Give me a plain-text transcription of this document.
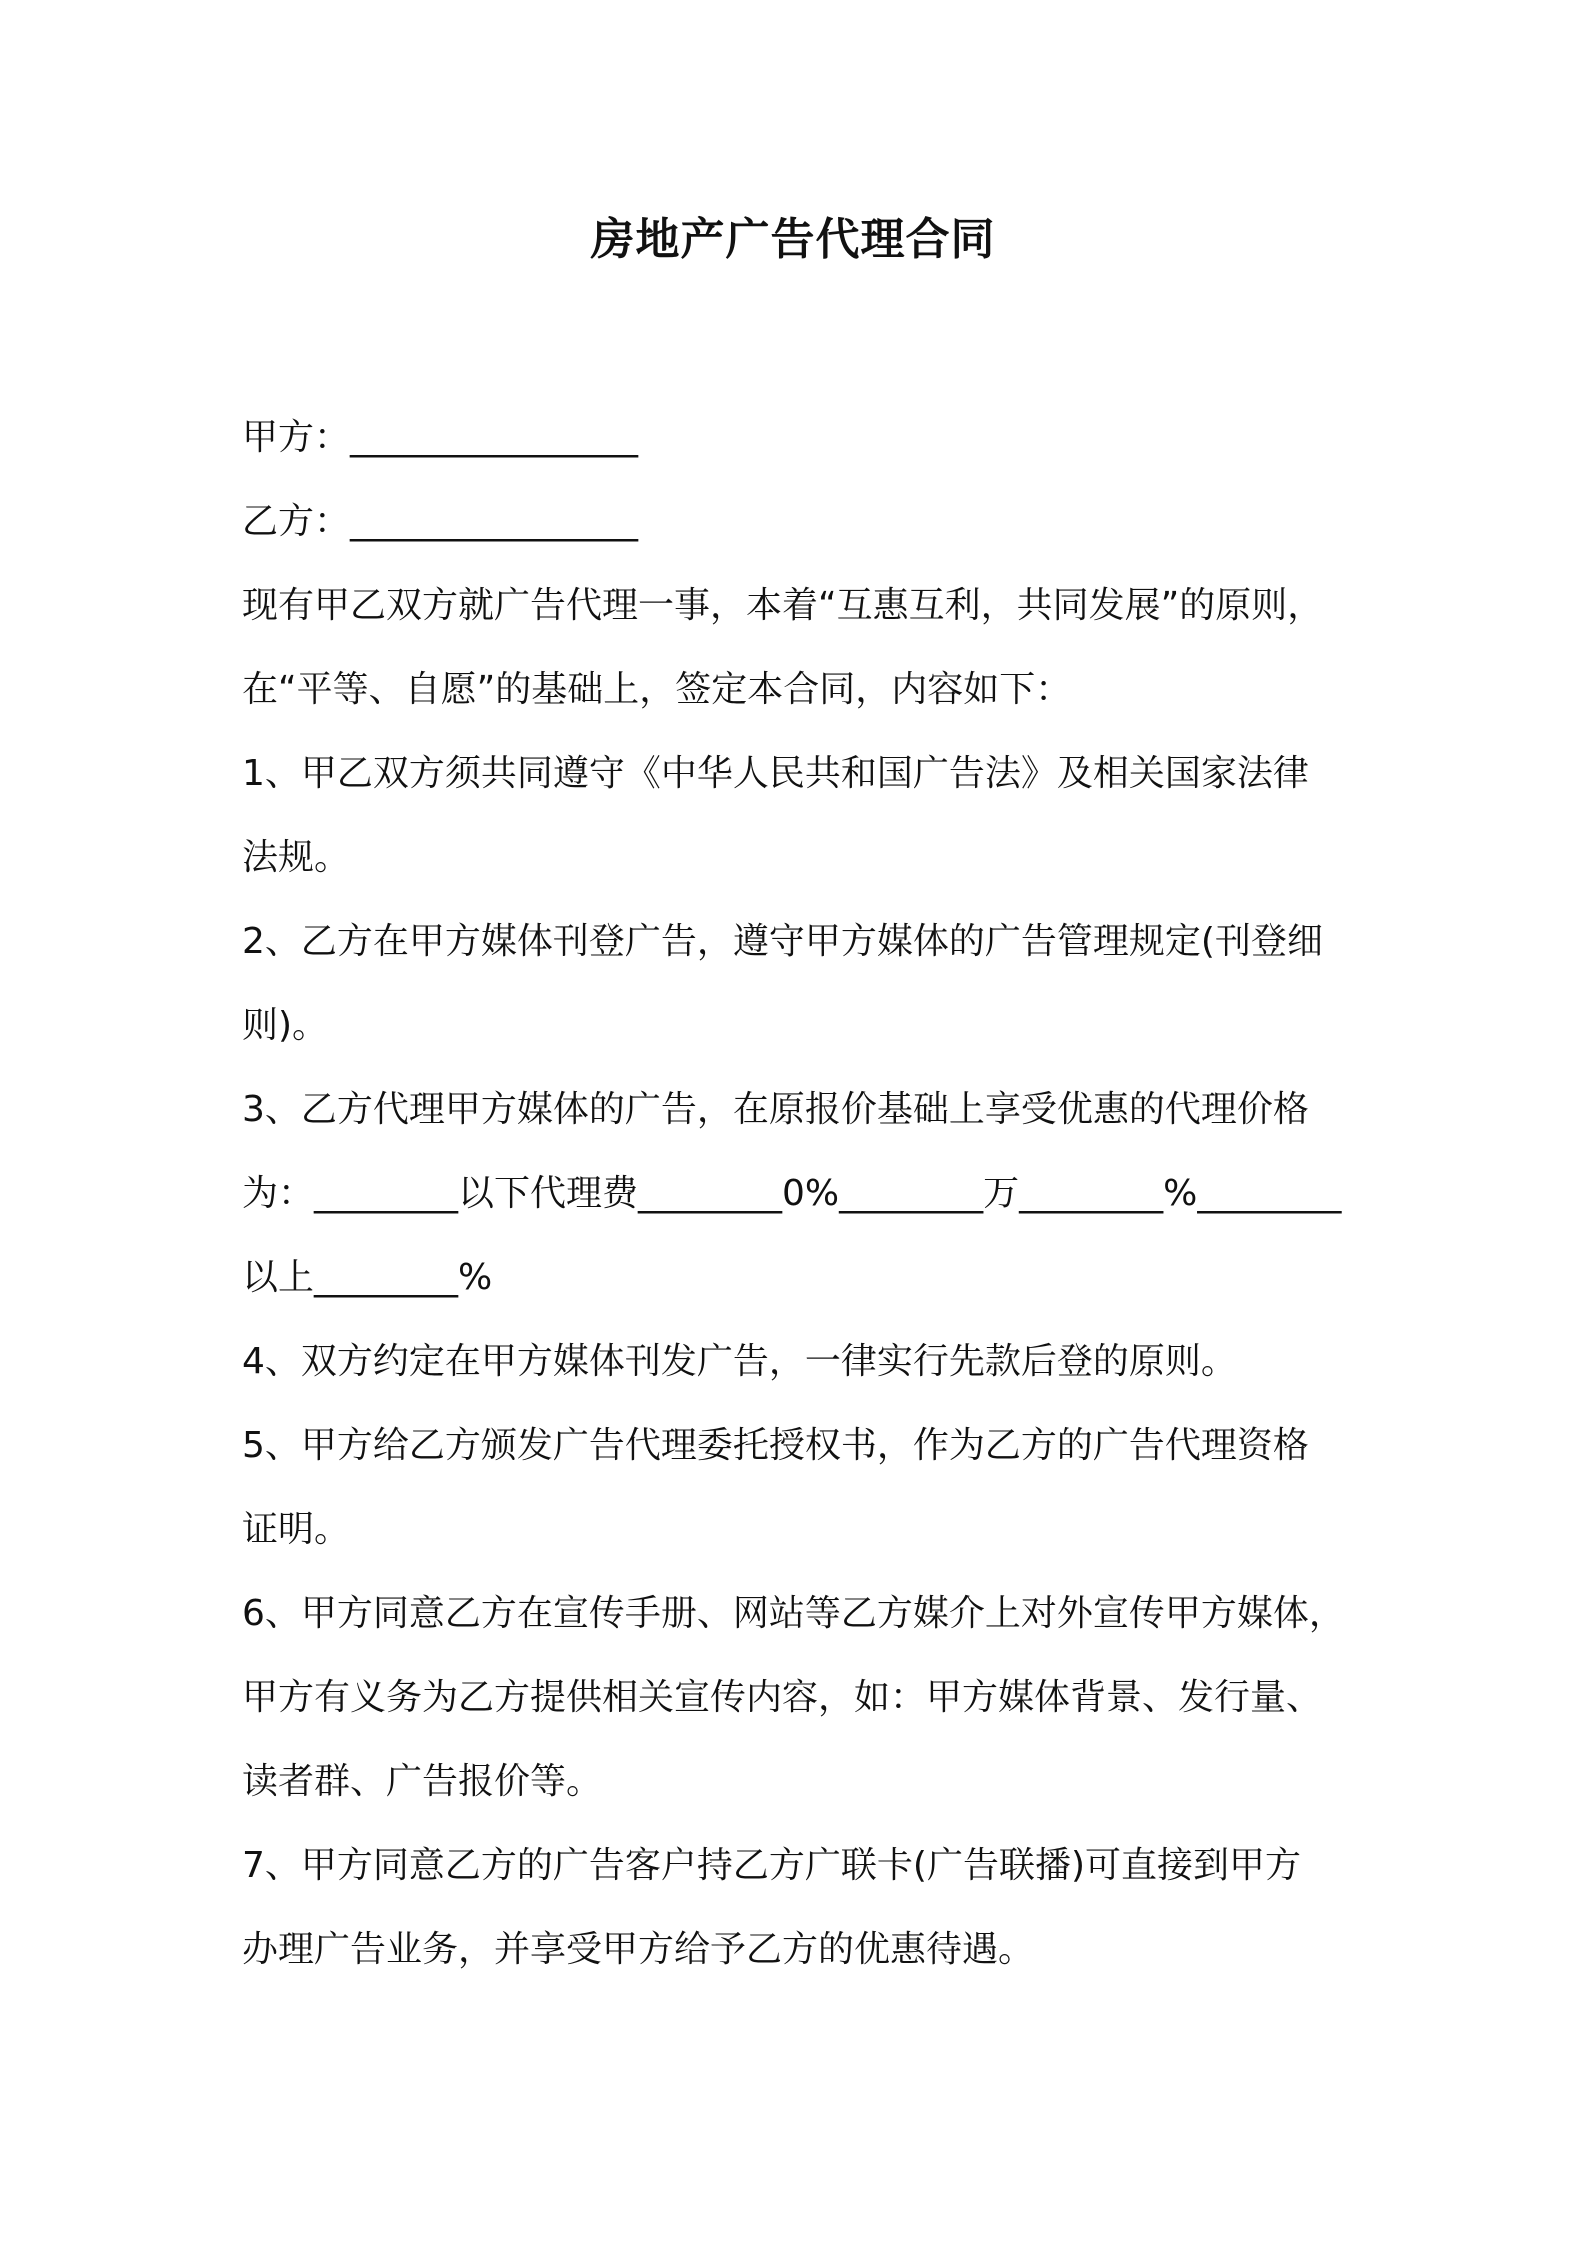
房地产广告代理合同
甲方：________________
乙方：________________
现有甲乙双方就广告代理一事，本着“互惠互利，共同发展”的原则，
在“平等、自愿”的基础上，签定本合同，内容如下：
1、甲乙双方须共同遵守《中华人民共和国广告法》及相关国家法律
法规。
2、乙方在甲方媒体刊登广告，遵守甲方媒体的广告管理规定(刊登细
则)。
3、乙方代理甲方媒体的广告，在原报价基础上享受优惠的代理价格
为：________以下代理费________0%________万________%________
以上________%
4、双方约定在甲方媒体刊发广告，一律实行先款后登的原则。
5、甲方给乙方颁发广告代理委托授权书，作为乙方的广告代理资格
证明。
6、甲方同意乙方在宣传手册、网站等乙方媒介上对外宣传甲方媒体，
甲方有义务为乙方提供相关宣传内容，如：甲方媒体背景、发行量、
读者群、广告报价等。
7、甲方同意乙方的广告客户持乙方广联卡(广告联播)可直接到甲方
办理广告业务，并享受甲方给予乙方的优惠待遇。
